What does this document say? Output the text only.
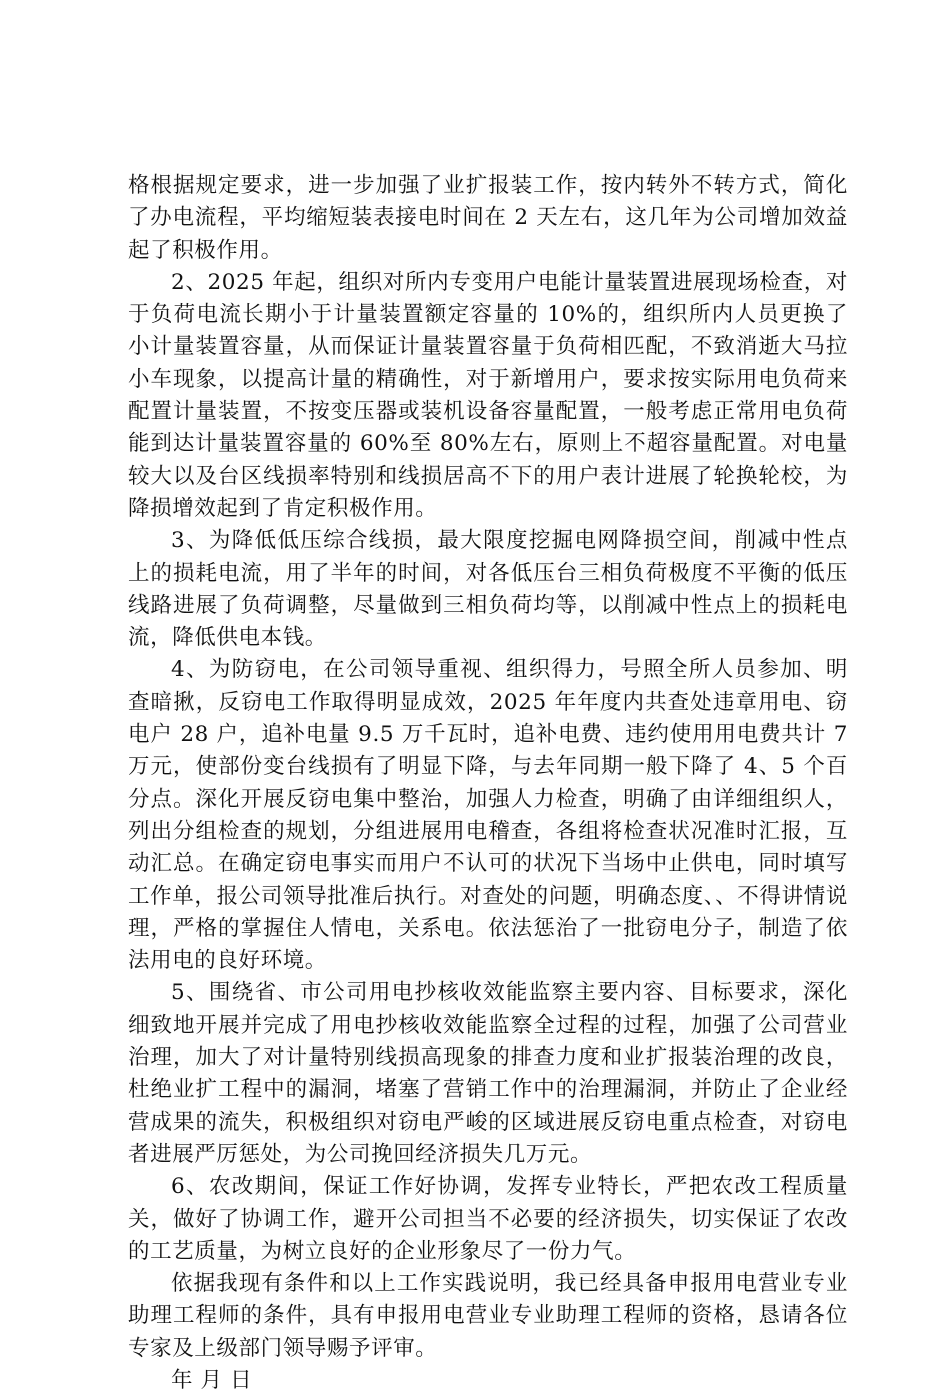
格根据规定要求，进一步加强了业扩报装工作，按内转外不转方式，简化了办电流程，平均缩短装表接电时间在 2 天左右，这几年为公司增加效益起了积极作用。

2、2025 年起，组织对所内专变用户电能计量装置进展现场检查，对于负荷电流长期小于计量装置额定容量的 10%的，组织所内人员更换了小计量装置容量，从而保证计量装置容量于负荷相匹配，不致消逝大马拉小车现象，以提高计量的精确性，对于新增用户，要求按实际用电负荷来配置计量装置，不按变压器或装机设备容量配置，一般考虑正常用电负荷能到达计量装置容量的 60%至 80%左右，原则上不超容量配置。对电量较大以及台区线损率特别和线损居高不下的用户表计进展了轮换轮校，为降损增效起到了肯定积极作用。

3、为降低低压综合线损，最大限度挖掘电网降损空间，削减中性点上的损耗电流，用了半年的时间，对各低压台三相负荷极度不平衡的低压线路进展了负荷调整，尽量做到三相负荷均等，以削减中性点上的损耗电流，降低供电本钱。

4、为防窃电，在公司领导重视、组织得力，号照全所人员参加、明查暗揪，反窃电工作取得明显成效，2025 年年度内共查处违章用电、窃电户 28 户，追补电量 9.5 万千瓦时，追补电费、违约使用用电费共计 7 万元，使部份变台线损有了明显下降，与去年同期一般下降了 4、5 个百分点。深化开展反窃电集中整治，加强人力检查，明确了由详细组织人，列出分组检查的规划，分组进展用电稽查，各组将检查状况准时汇报，互动汇总。在确定窃电事实而用户不认可的状况下当场中止供电，同时填写工作单，报公司领导批准后执行。对查处的问题，明确态度、、不得讲情说理，严格的掌握住人情电，关系电。依法惩治了一批窃电分子，制造了依法用电的良好环境。

5、围绕省、市公司用电抄核收效能监察主要内容、目标要求，深化细致地开展并完成了用电抄核收效能监察全过程的过程，加强了公司营业治理，加大了对计量特别线损高现象的排查力度和业扩报装治理的改良，杜绝业扩工程中的漏洞，堵塞了营销工作中的治理漏洞，并防止了企业经营成果的流失，积极组织对窃电严峻的区域进展反窃电重点检查，对窃电者进展严厉惩处，为公司挽回经济损失几万元。

6、农改期间，保证工作好协调，发挥专业特长，严把农改工程质量关，做好了协调工作，避开公司担当不必要的经济损失，切实保证了农改的工艺质量，为树立良好的企业形象尽了一份力气。

依据我现有条件和以上工作实践说明，我已经具备申报用电营业专业助理工程师的条件，具有申报用电营业专业助理工程师的资格，恳请各位专家及上级部门领导赐予评审。

年 月 日
